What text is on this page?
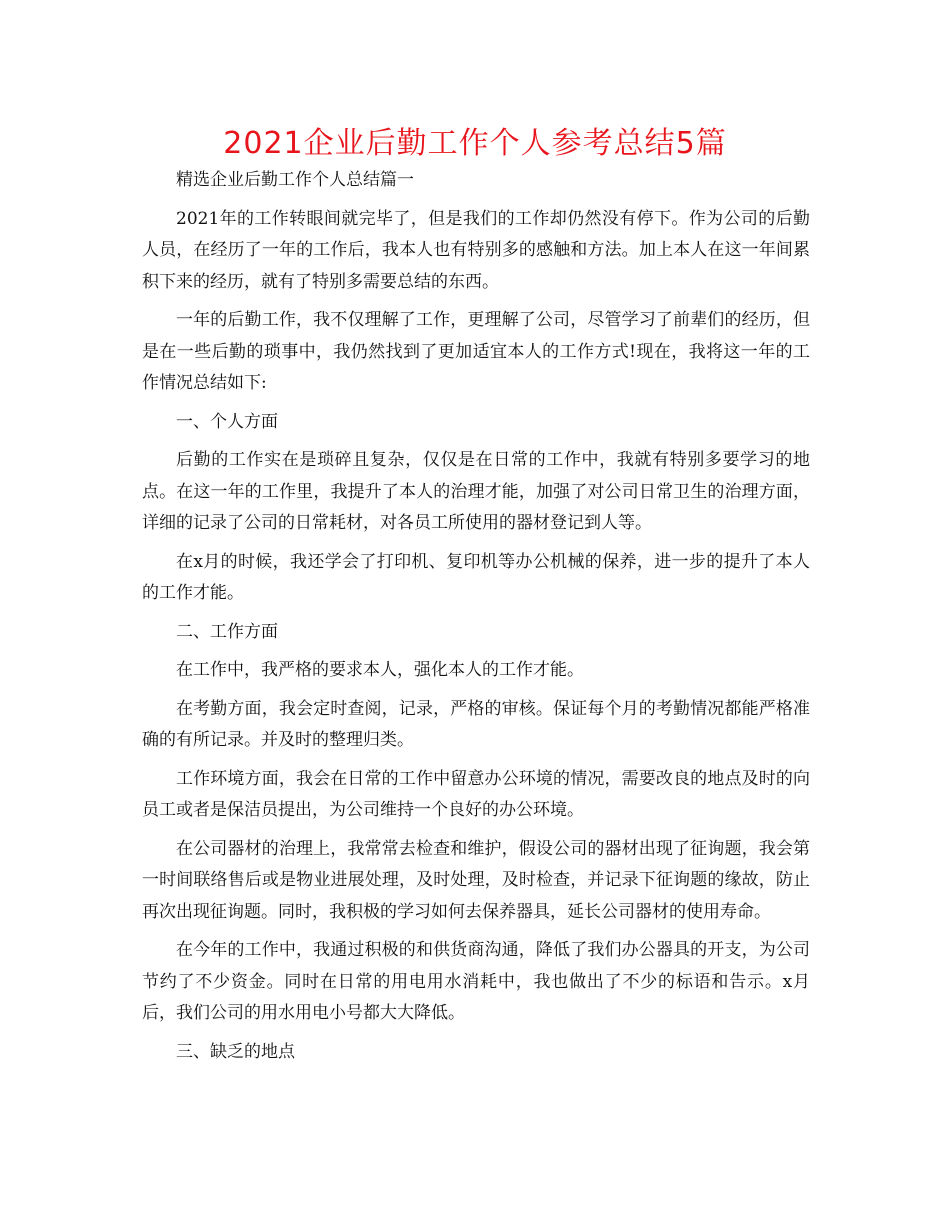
2021企业后勤工作个人参考总结5篇

精选企业后勤工作个人总结篇一

2021年的工作转眼间就完毕了，但是我们的工作却仍然没有停下。作为公司的后勤人员，在经历了一年的工作后，我本人也有特别多的感触和方法。加上本人在这一年间累积下来的经历，就有了特别多需要总结的东西。

一年的后勤工作，我不仅理解了工作，更理解了公司，尽管学习了前辈们的经历，但是在一些后勤的琐事中，我仍然找到了更加适宜本人的工作方式!现在，我将这一年的工作情况总结如下:

一、个人方面

后勤的工作实在是琐碎且复杂，仅仅是在日常的工作中，我就有特别多要学习的地点。在这一年的工作里，我提升了本人的治理才能，加强了对公司日常卫生的治理方面，详细的记录了公司的日常耗材，对各员工所使用的器材登记到人等。

在x月的时候，我还学会了打印机、复印机等办公机械的保养，进一步的提升了本人的工作才能。

二、工作方面

在工作中，我严格的要求本人，强化本人的工作才能。

在考勤方面，我会定时查阅，记录，严格的审核。保证每个月的考勤情况都能严格准确的有所记录。并及时的整理归类。

工作环境方面，我会在日常的工作中留意办公环境的情况，需要改良的地点及时的向员工或者是保洁员提出，为公司维持一个良好的办公环境。

在公司器材的治理上，我常常去检查和维护，假设公司的器材出现了征询题，我会第一时间联络售后或是物业进展处理，及时处理，及时检查，并记录下征询题的缘故，防止再次出现征询题。同时，我积极的学习如何去保养器具，延长公司器材的使用寿命。

在今年的工作中，我通过积极的和供货商沟通，降低了我们办公器具的开支，为公司节约了不少资金。同时在日常的用电用水消耗中，我也做出了不少的标语和告示。x月后，我们公司的用水用电小号都大大降低。

三、缺乏的地点
